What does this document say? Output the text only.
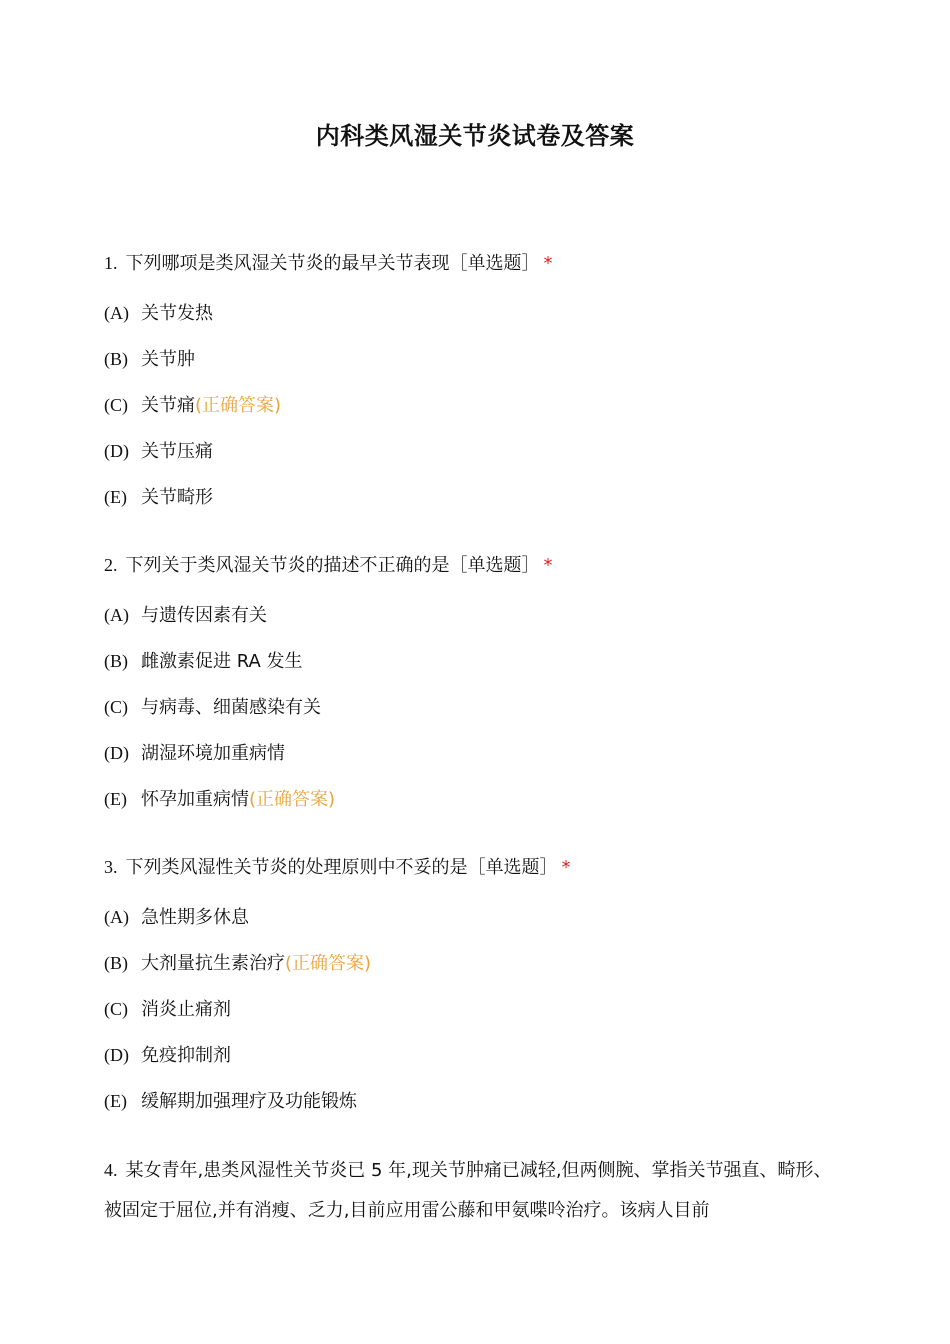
内科类风湿关节炎试卷及答案
1. 下列哪项是类风湿关节炎的最早关节表现［单选题］ *
(A) 关节发热
(B) 关节肿
(C) 关节痛(正确答案)
(D) 关节压痛
(E) 关节畸形
2. 下列关于类风湿关节炎的描述不正确的是［单选题］ *
(A) 与遗传因素有关
(B) 雌激素促进 RA 发生
(C) 与病毒、细菌感染有关
(D) 湖湿环境加重病情
(E) 怀孕加重病情(正确答案)
3. 下列类风湿性关节炎的处理原则中不妥的是［单选题］ *
(A) 急性期多休息
(B) 大剂量抗生素治疗(正确答案)
(C) 消炎止痛剂
(D) 免疫抑制剂
(E) 缓解期加强理疗及功能锻炼
4. 某女青年,患类风湿性关节炎已 5 年,现关节肿痛已减轻,但两侧腕、掌指关节强直、畸形、被固定于屈位,并有消瘦、乏力,目前应用雷公藤和甲氨喋呤治疗。该病人目前
